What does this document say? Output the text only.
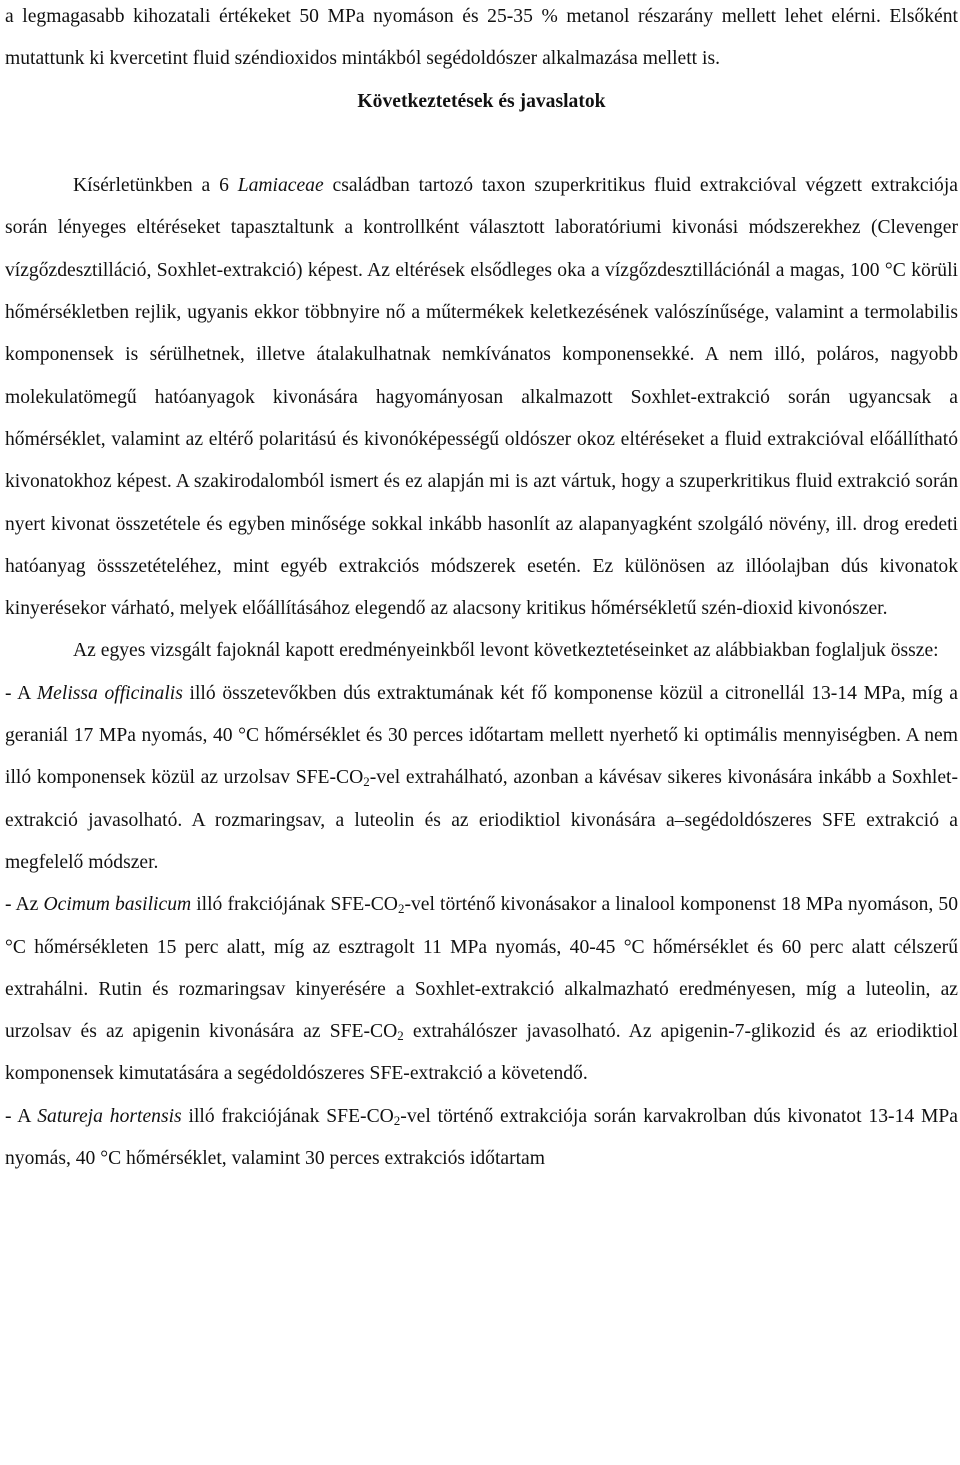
a legmagasabb kihozatali értékeket 50 MPa nyomáson és 25-35 % metanol részarány mellett lehet elérni. Elsőként mutattunk ki kvercetint fluid széndioxidos mintákból segédoldószer alkalmazása mellett is.

Következtetések és javaslatok

Kísérletünkben a 6 Lamiaceae családban tartozó taxon szuperkritikus fluid extrakcióval végzett extrakciója során lényeges eltéréseket tapasztaltunk a kontrollként választott laboratóriumi kivonási módszerekhez (Clevenger vízgőzdesztilláció, Soxhlet-extrakció) képest. Az eltérések elsődleges oka a vízgőzdesztillációnál a magas, 100 °C körüli hőmérsékletben rejlik, ugyanis ekkor többnyire nő a műtermékek keletkezésének valószínűsége, valamint a termolabilis komponensek is sérülhetnek, illetve átalakulhatnak nemkívánatos komponensekké. A nem illó, poláros, nagyobb molekulatömegű hatóanyagok kivonására hagyományosan alkalmazott Soxhlet-extrakció során ugyancsak a hőmérséklet, valamint az eltérő polaritású és kivonóképességű oldószer okoz eltéréseket a fluid extrakcióval előállítható kivonatokhoz képest. A szakirodalomból ismert és ez alapján mi is azt vártuk, hogy a szuperkritikus fluid extrakció során nyert kivonat összetétele és egyben minősége sokkal inkább hasonlít az alapanyagként szolgáló növény, ill. drog eredeti hatóanyag össszetételéhez, mint egyéb extrakciós módszerek esetén. Ez különösen az illóolajban dús kivonatok kinyerésekor várható, melyek előállításához elegendő az alacsony kritikus hőmérsékletű szén-dioxid kivonószer.

Az egyes vizsgált fajoknál kapott eredményeinkből levont következtetéseinket az alábbiakban foglaljuk össze:

- A Melissa officinalis illó összetevőkben dús extraktumának két fő komponense közül a citronellál 13-14 MPa, míg a geraniál 17 MPa nyomás, 40 °C hőmérséklet és 30 perces időtartam mellett nyerhető ki optimális mennyiségben. A nem illó komponensek közül az urzolsav SFE-$CO_2$-vel extrahálható, azonban a kávésav sikeres kivonására inkább a Soxhlet-extrakció javasolható. A rozmaringsav, a luteolin és az eriodiktiol kivonására a–segédoldószeres SFE extrakció a megfelelő módszer.

- Az Ocimum basilicum illó frakciójának SFE-$CO_2$-vel történő kivonásakor a linalool komponenst 18 MPa nyomáson, 50 °C hőmérsékleten 15 perc alatt, míg az esztragolt 11 MPa nyomás, 40-45 °C hőmérséklet és 60 perc alatt célszerű extrahálni. Rutin és rozmaringsav kinyerésére a Soxhlet-extrakció alkalmazható eredményesen, míg a luteolin, az urzolsav és az apigenin kivonására az SFE-$CO_2$ extrahálószer javasolható. Az apigenin-7-glikozid és az eriodiktiol komponensek kimutatására a segédoldószeres SFE-extrakció a követendő.

- A Satureja hortensis illó frakciójának SFE-$CO_2$-vel történő extrakciója során karvakrolban dús kivonatot 13-14 MPa nyomás, 40 °C hőmérséklet, valamint 30 perces extrakciós időtartam
